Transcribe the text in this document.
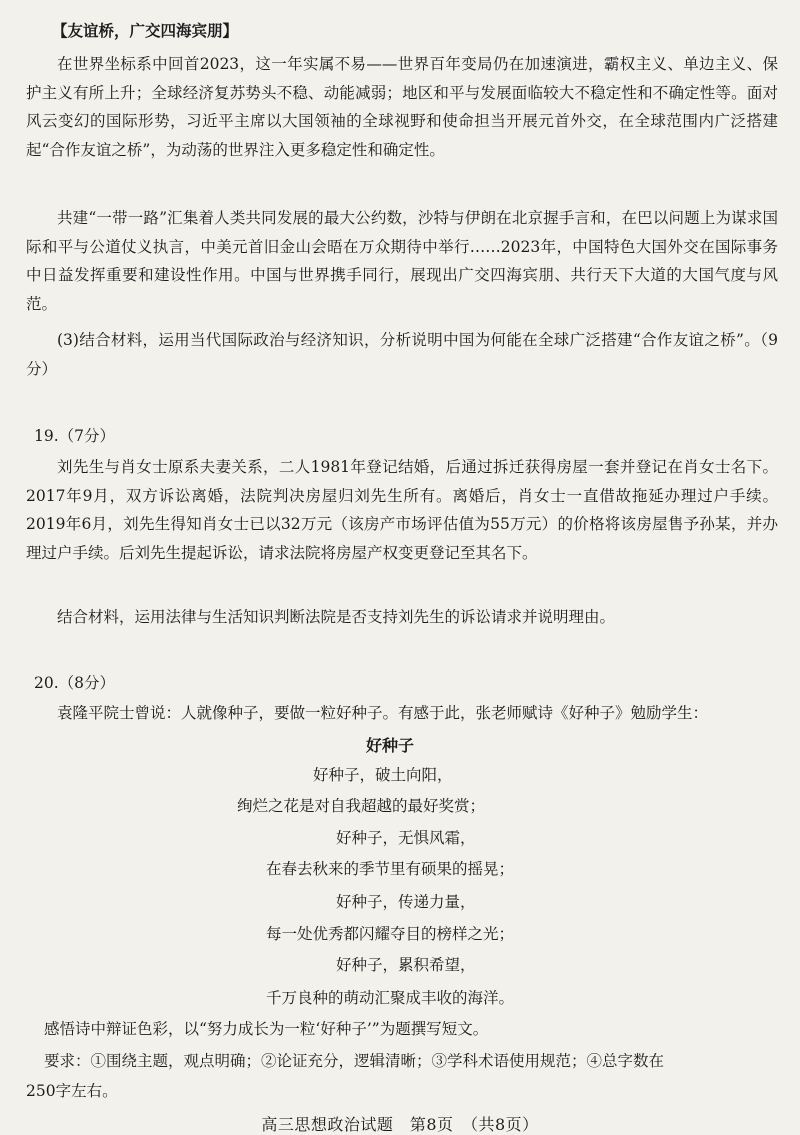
【友谊桥，广交四海宾朋】

在世界坐标系中回首2023，这一年实属不易——世界百年变局仍在加速演进，霸权主义、单边主义、保护主义有所上升；全球经济复苏势头不稳、动能减弱；地区和平与发展面临较大不稳定性和不确定性等。面对风云变幻的国际形势，习近平主席以大国领袖的全球视野和使命担当开展元首外交，在全球范围内广泛搭建起“合作友谊之桥”，为动荡的世界注入更多稳定性和确定性。

共建“一带一路”汇集着人类共同发展的最大公约数，沙特与伊朗在北京握手言和，在巴以问题上为谋求国际和平与公道仗义执言，中美元首旧金山会晤在万众期待中举行……2023年，中国特色大国外交在国际事务中日益发挥重要和建设性作用。中国与世界携手同行，展现出广交四海宾朋、共行天下大道的大国气度与风范。

(3)结合材料，运用当代国际政治与经济知识，分析说明中国为何能在全球广泛搭建“合作友谊之桥”。（9分）

19.（7分）

刘先生与肖女士原系夫妻关系，二人1981年登记结婚，后通过拆迁获得房屋一套并登记在肖女士名下。2017年9月，双方诉讼离婚，法院判决房屋归刘先生所有。离婚后，肖女士一直借故拖延办理过户手续。2019年6月，刘先生得知肖女士已以32万元（该房产市场评估值为55万元）的价格将该房屋售予孙某，并办理过户手续。后刘先生提起诉讼，请求法院将房屋产权变更登记至其名下。

结合材料，运用法律与生活知识判断法院是否支持刘先生的诉讼请求并说明理由。

20.（8分）

袁隆平院士曾说：人就像种子，要做一粒好种子。有感于此，张老师赋诗《好种子》勉励学生：

好种子

好种子，破土向阳，

绚烂之花是对自我超越的最好奖赏；

好种子，无惧风霜，

在春去秋来的季节里有硕果的摇晃；

好种子，传递力量，

每一处优秀都闪耀夺目的榜样之光；

好种子，累积希望，

千万良种的萌动汇聚成丰收的海洋。

感悟诗中辩证色彩，以“努力成长为一粒‘好种子’”为题撰写短文。

要求：①围绕主题，观点明确；②论证充分，逻辑清晰；③学科术语使用规范；④总字数在

250字左右。

高三思想政治试题　第8页　（共8页）
